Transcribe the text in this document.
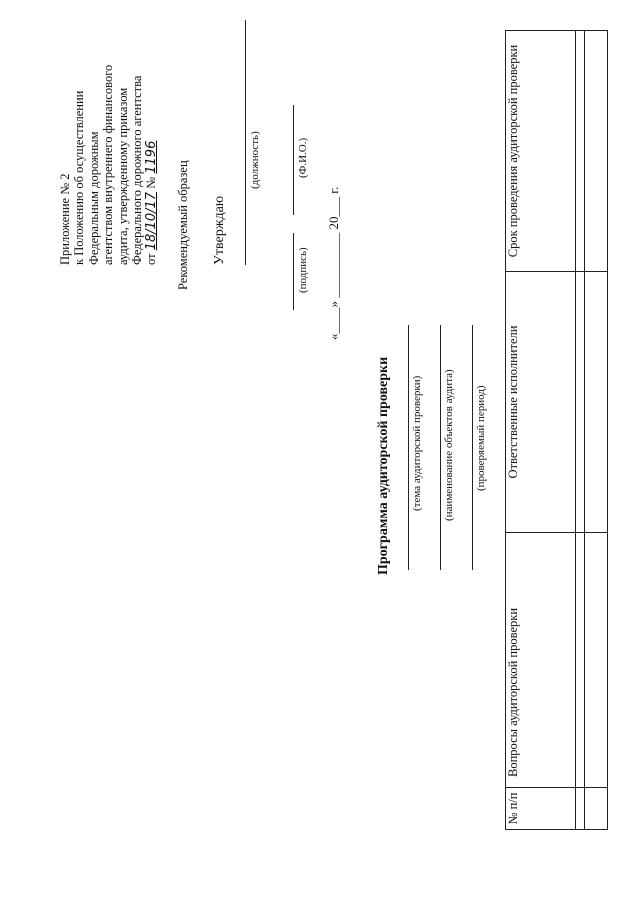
Приложение № 2 к Положению об осуществлении Федеральным дорожным агентством внутреннего финансового аудита, утвержденному приказом Федерального дорожного агентства от 18/10/17 № 1196
Рекомендуемый образец Утверждаю
(должность)
(подпись)
(Ф.И.О.)
«____» __________ 20___ г.
Программа аудиторской проверки (тема аудиторской проверки) (наименование объектов аудита) (проверяемый период)
№ п/п	Вопросы аудиторской проверки	Ответственные исполнители	Срок проведения аудиторской проверки
